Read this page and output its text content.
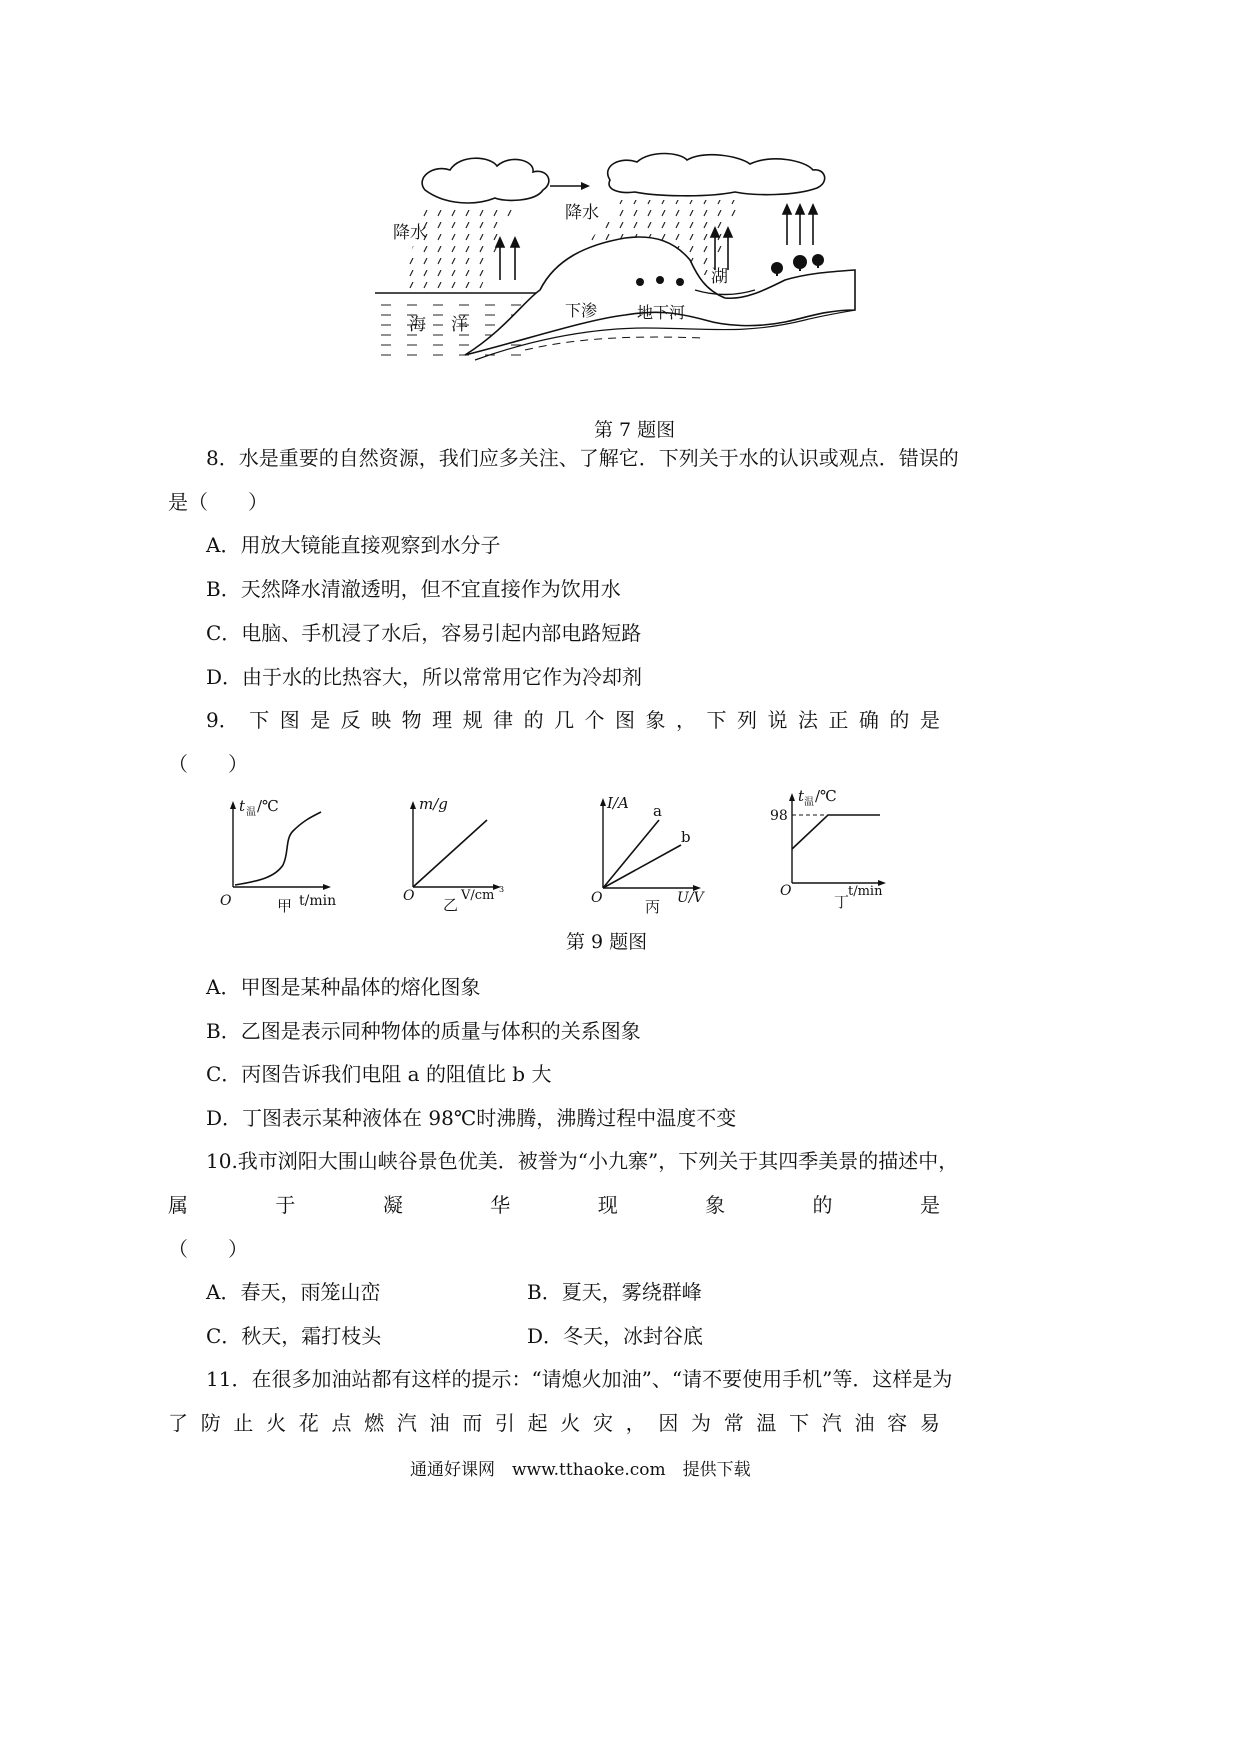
降水
降水
湖
海 洋
下渗 地下河
第 7 题图
8．水是重要的自然资源，我们应多关注、了解它．下列关于水的认识或观点．错误的
是（　　）
A．用放大镜能直接观察到水分子
B．天然降水清澈透明，但不宜直接作为饮用水
C．电脑、手机浸了水后，容易引起内部电路短路
D．由于水的比热容大，所以常常用它作为冷却剂
9． 下 图 是 反 映 物 理 规 律 的 几 个 图 象 ， 下 列 说 法 正 确 的 是
（　　）
t 温 /℃
O	甲 t/min
m/g
O 乙
V/cm 3
I/A a
b
O	丙 U/V
t 温 /℃
98
O
丁
t/min
第 9 题图
A．甲图是某种晶体的熔化图象
B．乙图是表示同种物体的质量与体积的关系图象
C．丙图告诉我们电阻 a 的阻值比 b 大
D．丁图表示某种液体在 98℃时沸腾，沸腾过程中温度不变
10.我市浏阳大围山峡谷景色优美．被誉为“小九寨”，下列关于其四季美景的描述中，
属	于	凝	华	现	象	的	是
（　　）
A．春天，雨笼山峦	B．夏天，雾绕群峰
C．秋天，霜打枝头	D．冬天，冰封谷底
11．在很多加油站都有这样的提示：“请熄火加油”、“请不要使用手机”等．这样是为
了 防 止 火 花 点 燃 汽 油 而 引 起 火 灾 ， 因 为 常 温 下 汽 油 容 易
通通好课网　www.tthaoke.com　提供下载
